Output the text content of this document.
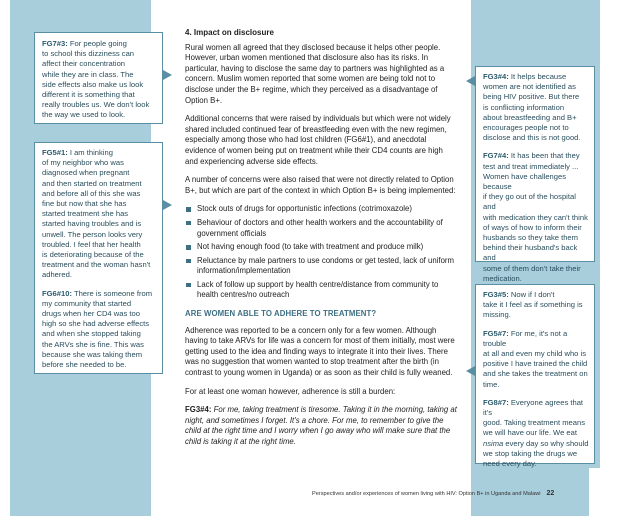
FG7#3: For people going
to school this dizziness can
affect their concentration
while they are in class. The
side effects also make us look
different it is something that
really troubles us. We don't look
the way we used to look.

FG5#1: I am thinking
of my neighbor who was
diagnosed when pregnant
and then started on treatment
and before all of this she was
fine but now that she has
started treatment she has
started having troubles and is
unwell. The person looks very
troubled. I feel that her health
is deteriorating because of the
treatment and the woman hasn't
adhered.

FG6#10: There is someone from
my community that started
drugs when her CD4 was too
high so she had adverse effects
and when she stopped taking
the ARVs she is fine. This was
because she was taking them
before she needed to be.

FG3#4: It helps because
women are not identified as
being HIV positive. But there
is conflicting information
about breastfeeding and B+
encourages people not to
disclose and this is not good.

FG7#4: It has been that they
test and treat immediately ...
Women have challenges because
if they go out of the hospital and
with medication they can't think
of ways of how to inform their
husbands so they take them
behind their husband's back and
some of them don't take their
medication.

FG3#5: Now if I don't
take it I feel as if something is
missing.

FG5#7: For me, it's not a trouble
at all and even my child who is
positive I have trained the child
and she takes the treatment on
time.

FG8#7: Everyone agrees that it's
good. Taking treatment means
we will have our life. We eat
nsima every day so why should
we stop taking the drugs we
need every day.

4. Impact on disclosure

Rural women all agreed that they disclosed because it helps other people. However, urban women mentioned that disclosure also has its risks. In particular, having to disclose the same day to partners was highlighted as a concern. Muslim women reported that some women are being told not to disclose under the B+ regime, which they perceived as a disadvantage of Option B+.

Additional concerns that were raised by individuals but which were not widely shared included continued fear of breastfeeding even with the new regimen, especially among those who had lost children (FG6#1), and anecdotal evidence of women being put on treatment while their CD4 counts are high and experiencing adverse side effects.

A number of concerns were also raised that were not directly related to Option B+, but which are part of the context in which Option B+ is being implemented:

Stock outs of drugs for opportunistic infections (cotrimoxazole)
Behaviour of doctors and other health workers and the accountability of government officials
Not having enough food (to take with treatment and produce milk)
Reluctance by male partners to use condoms or get tested, lack of uniform information/implementation
Lack of follow up support by health centre/distance from community to health centres/no outreach
ARE WOMEN ABLE TO ADHERE TO TREATMENT?

Adherence was reported to be a concern only for a few women. Although having to take ARVs for life was a concern for most of them initially, most were getting used to the idea and finding ways to integrate it into their lives. There was no suggestion that women wanted to stop treatment after the birth (in contrast to young women in Uganda) or as soon as their child is fully weaned.

For at least one woman however, adherence is still a burden:

FG3#4: For me, taking treatment is tiresome. Taking it in the morning, taking at night, and sometimes I forget. It's a chore. For me, to remember to give the child at the right time and I worry when I go away who will make sure that the child is taking it at the right time.

Perspectives and/or experiences of women living with HIV: Option B+ in Uganda and Malawi 22
